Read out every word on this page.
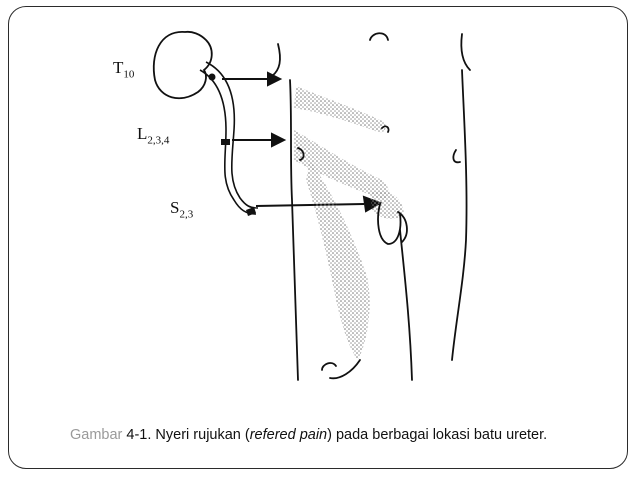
$T_{10}$
$L_{2,3,4}$
$S_{2,3}$
Gambar 4-1. Nyeri rujukan (refered pain) pada berbagai lokasi batu ureter.
